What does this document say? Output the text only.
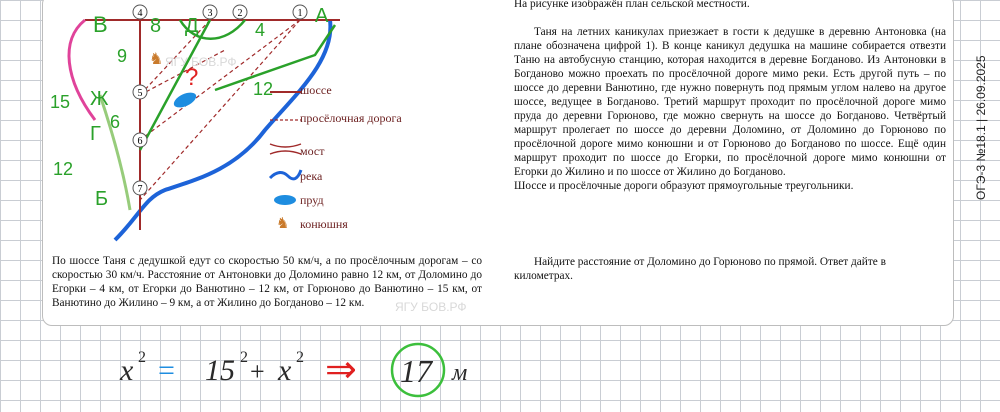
♞
4	3	2	1
5
6
7
В 8 Д	4
А
9
?	12
Ж
15
6
Г
12
Б
♞
шоссе
просёлочная дорога
мост
река
пруд
конюшня
По шоссе Таня с дедушкой едут со скоростью 50 км/ч, а по просёлочным дорогам – со скоростью 30 км/ч. Расстояние от Антоновки до Доломино равно 12 км, от Доломино до Егорки – 4 км, от Егорки до Ванютино – 12 км, от Горюново до Ванютино – 15 км, от Ванютино до Жилино – 9 км, а от Жилино до Богданово – 12 км.

На рисунке изображён план сельской местности.

Таня на летних каникулах приезжает в гости к дедушке в деревню Антоновка (на плане обозначена цифрой 1). В конце каникул дедушка на машине собирается отвезти Таню на автобусную станцию, которая находится в деревне Богданово. Из Антоновки в Богданово можно проехать по просёлочной дороге мимо реки. Есть другой путь – по шоссе до деревни Ванютино, где нужно повернуть под прямым углом налево на другое шоссе, ведущее в Богданово. Третий маршрут проходит по просёлочной дороге мимо пруда до деревни Горюново, где можно свернуть на шоссе до Богданово. Четвёртый маршрут пролегает по шоссе до деревни Доломино, от Доломино до Горюново по просёлочной дороге мимо конюшни и от Горюново до Богданово по шоссе. Ещё один маршрут проходит по шоссе до Егорки, по просёлочной дороге мимо конюшни от Егорки до Жилино и по шоссе от Жилино до Богданово.

Шоссе и просёлочные дороги образуют прямоугольные треугольники.

Найдите расстояние от Доломино до Горюново по прямой. Ответ дайте в километрах.
ОГЭ-3 №18.1 | 26.09.2025
ЯГУ БОВ.РФ
ЯГУ БОВ.РФ
x 2 = 15 2 + x 2 ⇒ 17 м
